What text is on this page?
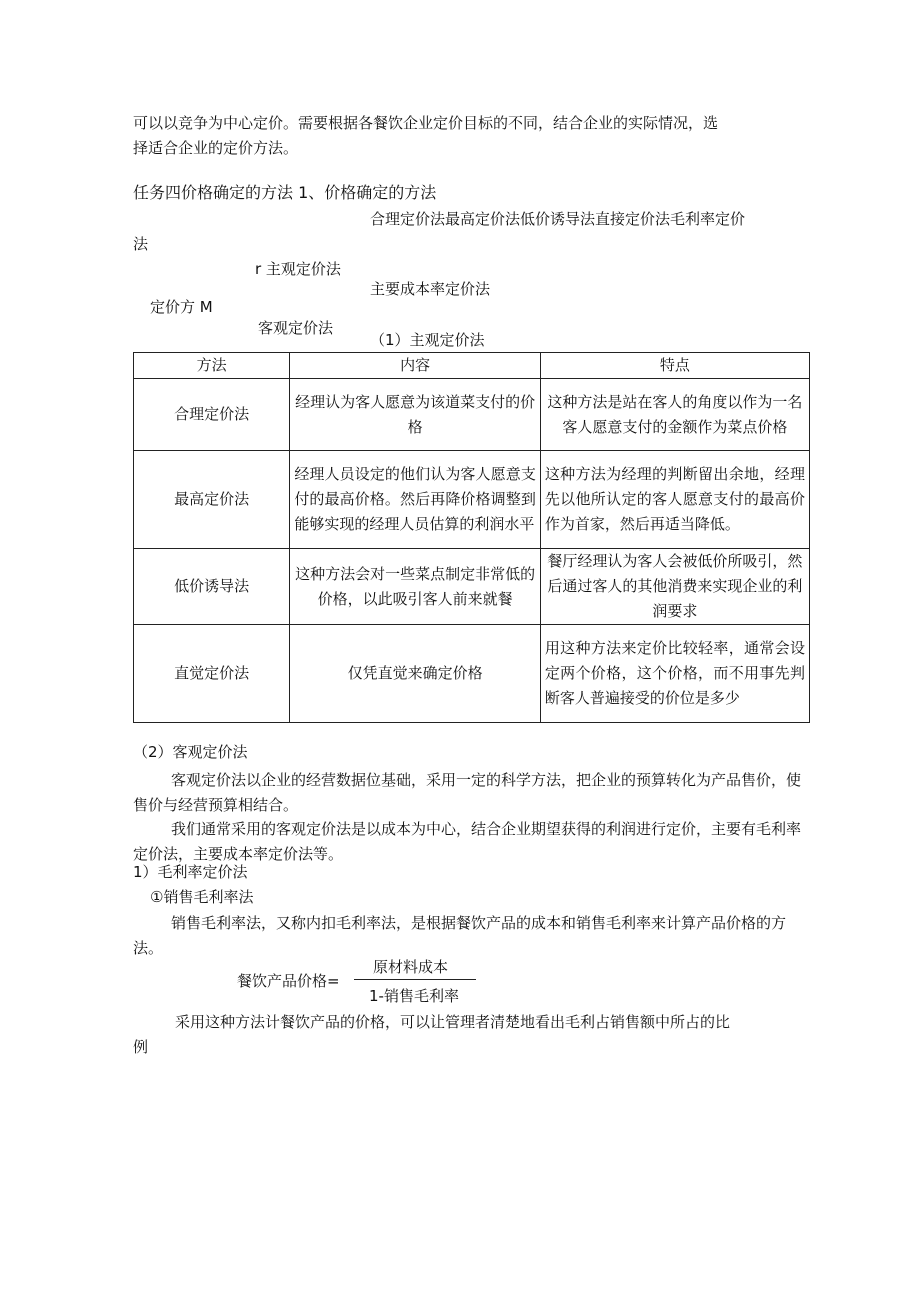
可以以竞争为中心定价。需要根据各餐饮企业定价目标的不同，结合企业的实际情况，选
择适合企业的定价方法。
任务四价格确定的方法 1、价格确定的方法
合理定价法最高定价法低价诱导法直接定价法毛利率定价
法
r 主观定价法
主要成本率定价法
定价方 M
客观定价法
（1）主观定价法
方法	内容	特点
合理定价法	经理认为客人愿意为该道菜支付的价格	这种方法是站在客人的角度以作为一名客人愿意支付的金额作为菜点价格
最高定价法	经理人员设定的他们认为客人愿意支付的最高价格。然后再降价格调整到能够实现的经理人员估算的利润水平	这种方法为经理的判断留出余地，经理先以他所认定的客人愿意支付的最高价作为首家，然后再适当降低。
低价诱导法	这种方法会对一些菜点制定非常低的价格，以此吸引客人前来就餐	餐厅经理认为客人会被低价所吸引，然后通过客人的其他消费来实现企业的利润要求
直觉定价法	仅凭直觉来确定价格	用这种方法来定价比较轻率，通常会设定两个价格，这个价格，而不用事先判断客人普遍接受的价位是多少
（2）客观定价法
客观定价法以企业的经营数据位基础，采用一定的科学方法，把企业的预算转化为产品售价，使售价与经营预算相结合。
我们通常采用的客观定价法是以成本为中心，结合企业期望获得的利润进行定价，主要有毛利率定价法，主要成本率定价法等。
1）毛利率定价法
①销售毛利率法
销售毛利率法，又称内扣毛利率法，是根据餐饮产品的成本和销售毛利率来计算产品价格的方法。
餐饮产品价格=
原材料成本
1-销售毛利率
采用这种方法计餐饮产品的价格，可以让管理者清楚地看出毛利占销售额中所占的比
例
